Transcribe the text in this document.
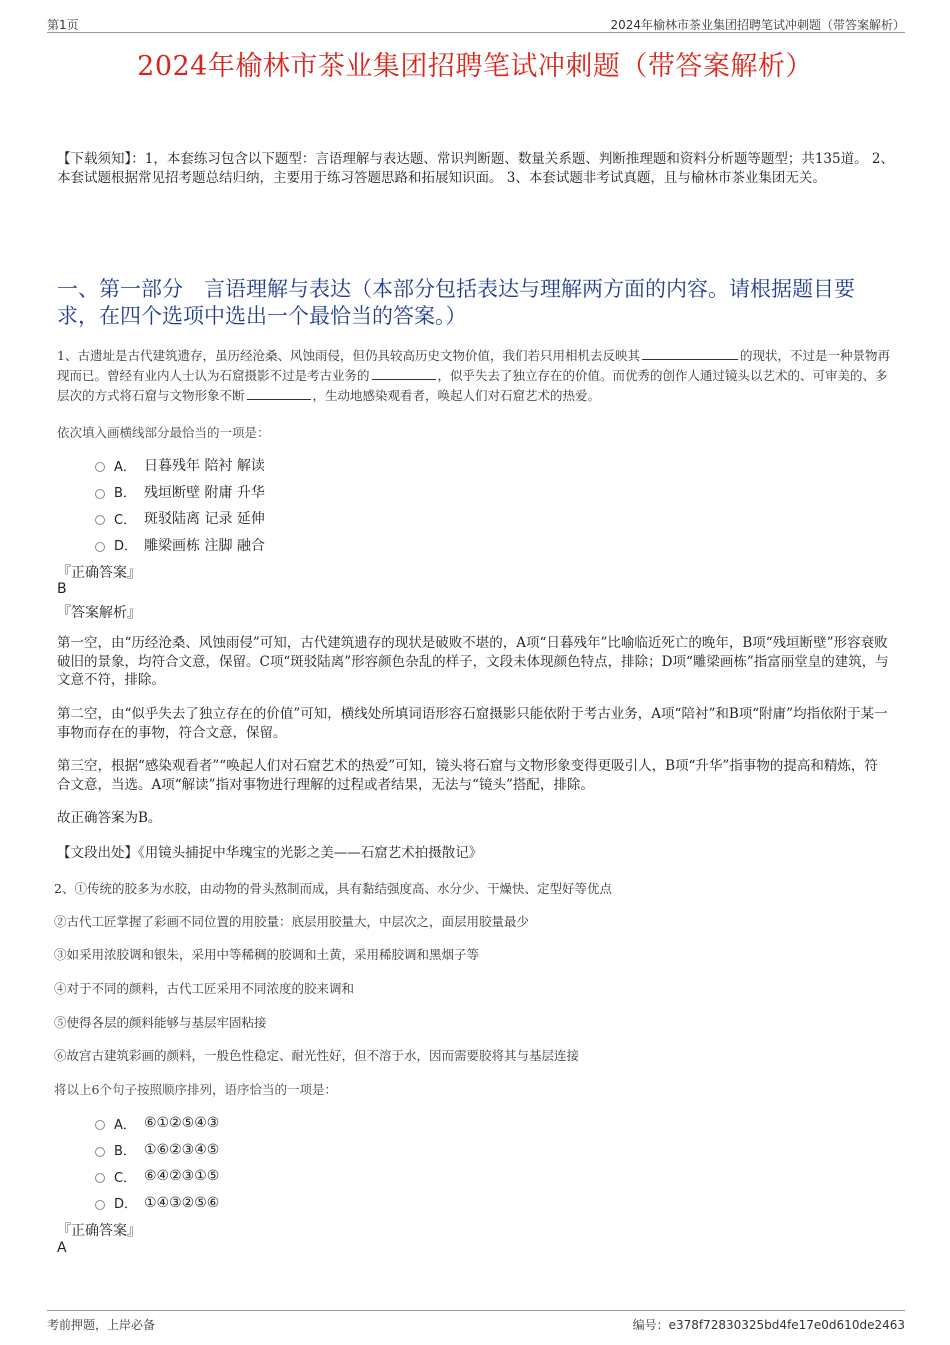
第1页	2024年榆林市茶业集团招聘笔试冲刺题（带答案解析）
2024年榆林市茶业集团招聘笔试冲刺题（带答案解析）
【下载须知】：1，本套练习包含以下题型：言语理解与表达题、常识判断题、数量关系题、判断推理题和资料分析题等题型；共135道。 2、本套试题根据常见招考题总结归纳，主要用于练习答题思路和拓展知识面。 3、本套试题非考试真题，且与榆林市茶业集团无关。
一、第一部分　言语理解与表达（本部分包括表达与理解两方面的内容。请根据题目要求，在四个选项中选出一个最恰当的答案。）
1、古遗址是古代建筑遗存，虽历经沧桑、风蚀雨侵，但仍具较高历史文物价值，我们若只用相机去反映其	的现状，不过是一种景物再现而已。曾经有业内人士认为石窟摄影不过是考古业务的	，似乎失去了独立存在的价值。而优秀的创作人通过镜头以艺术的、可审美的、多层次的方式将石窟与文物形象不断	，生动地感染观看者，唤起人们对石窟艺术的热爱。
依次填入画横线部分最恰当的一项是：
A． 日暮残年 陪衬 解读
B． 残垣断壁 附庸 升华
C． 斑驳陆离 记录 延伸
D． 雕梁画栋 注脚 融合
『正确答案』
B
『答案解析』
第一空，由“历经沧桑、风蚀雨侵”可知，古代建筑遗存的现状是破败不堪的，A项“日暮残年”比喻临近死亡的晚年，B项“残垣断壁”形容衰败破旧的景象，均符合文意，保留。C项“斑驳陆离”形容颜色杂乱的样子，文段未体现颜色特点，排除；D项“雕梁画栋”指富丽堂皇的建筑，与文意不符，排除。
第二空，由“似乎失去了独立存在的价值”可知，横线处所填词语形容石窟摄影只能依附于考古业务，A项“陪衬”和B项“附庸”均指依附于某一事物而存在的事物，符合文意，保留。
第三空，根据“感染观看者”“唤起人们对石窟艺术的热爱”可知，镜头将石窟与文物形象变得更吸引人，B项“升华”指事物的提高和精炼，符合文意，当选。A项“解读”指对事物进行理解的过程或者结果，无法与“镜头”搭配，排除。
故正确答案为B。
【文段出处】《用镜头捕捉中华瑰宝的光影之美——石窟艺术拍摄散记》
2、①传统的胶多为水胶，由动物的骨头熬制而成，具有黏结强度高、水分少、干燥快、定型好等优点
②古代工匠掌握了彩画不同位置的用胶量：底层用胶量大，中层次之，面层用胶量最少
③如采用浓胶调和银朱，采用中等稀稠的胶调和土黄，采用稀胶调和黑烟子等
④对于不同的颜料，古代工匠采用不同浓度的胶来调和
⑤使得各层的颜料能够与基层牢固粘接
⑥故宫古建筑彩画的颜料，一般色性稳定、耐光性好，但不溶于水，因而需要胶将其与基层连接
将以上6个句子按照顺序排列，语序恰当的一项是：
A． ⑥①②⑤④③
B． ①⑥②③④⑤
C． ⑥④②③①⑤
D． ①④③②⑤⑥
『正确答案』
A
考前押题，上岸必备	编号：e378f72830325bd4fe17e0d610de2463
